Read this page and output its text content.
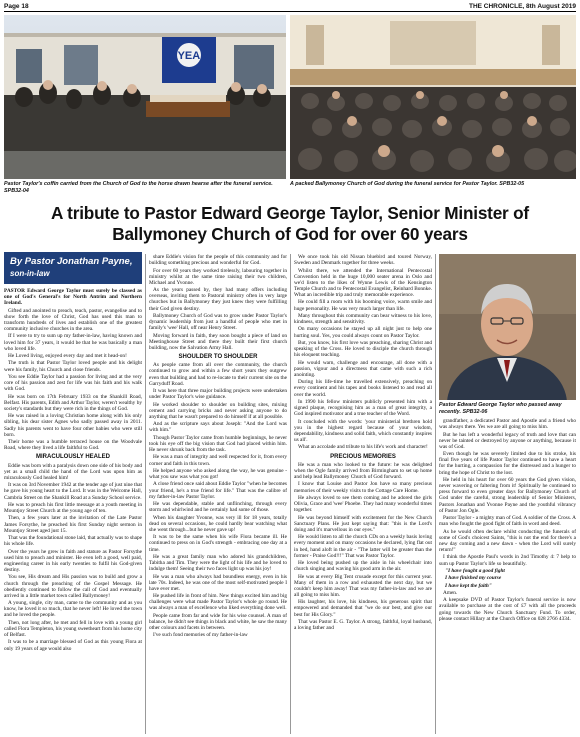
Page 18	THE CHRONICLE, 8th August 2019
70 YEARS
Pastor Taylor's coffin carried from the Church of God to the horse drawn hearse after the funeral service. SPB32-04
A packed Ballymoney Church of God during the funeral service for Pastor Taylor. SPB32-05
A tribute to Pastor Edward George Taylor, Senior Minister of Ballymoney Church of God for over 60 years
By Pastor Jonathan Payne,
son-in-law

PASTOR Edward George Taylor must surely be classed as one of God's General's for North Antrim and Northern Ireland.

Gifted and anointed to preach, teach, pastor, evangelise and to show forth the love of Christ, God has used this man to transform hundreds of lives and establish one of the greatest community inclusive churches in the area.

If I were to try to sum up my father-in-law, having known and loved him for 37 years, it would be that he was basically a man who loved life.

He Loved living, enjoyed every day and met it head-on!

The truth is that Pastor Taylor loved people and his delight were his family, his Church and close friends.

You see Eddie Taylor had a passion for living and at the very core of his passion and zest for life was his faith and his walk with God.

He was born on 17th February 1933 on the Shankill Road, Belfast. His parents, Edith and Arthur Taylor, weren't wealthy by society's standards but they were rich in the things of God.

He was raised in a loving Christian home along with his only sibling, his dear sister Agnes who sadly passed away in 2011. Sadly his parents went to have four other babies who were still born.

Their home was a humble terraced house on the Woodvale Road, where they lived a life faithful to God.

MIRACULOUSLY HEALED

Eddie was born with a paralysis down one side of his body and yet as a small child the hand of the Lord was upon him as miraculously God healed him!

It was on 3rd November 1942 at the tender age of just nine that he gave his young heart to the Lord. It was in the Welcome Hall, Cambria Street on the Shankill Road at a Sunday School service.

He was to preach his first little message at a youth meeting in Mountjoy Street Church at the young age of ten.

Then, a few years later at the invitation of the Late Pastor James Forsythe, he preached his first Sunday night sermon in Mountjoy Street aged just 15.

That was the foundational stone laid, that actually was to shape his whole life.

Over the years he grew in faith and stature as Pastor Forsythe used him to preach and minister. He even left a good, well paid, engineering career in his early twenties to fulfil his God-given destiny.

You see, His dream and His passion was to build and grow a church through the preaching of the Gospel Message. He obediently continued to follow the call of God and eventually arrived in a little market town called Ballymoney!

A young, single, city man, came to the community and as you know, he loved it so much, that he never left! He loved the town and he loved the people.

Then, not long after, he met and fell in love with a young girl called Flora Templeton, his young sweetheart from his home city of Belfast.

It was to be a marriage blessed of God as this young Flora at only 19 years of age would also

share Eddie's vision for the people of this community and for building something precious and wonderful for God.

For over 60 years they worked tirelessly, labouring together in ministry whilst at the same time raising their two children, Michael and Yvonne.

As the years passed by, they had many offers including overseas, inviting them to Pastoral ministry often in very large churches but in Ballymoney they just knew they were fulfilling their God given destiny.

Ballymoney Church of God was to grow under Pastor Taylor's dynamic leadership from just a handful of people who met in family's 'wee' Hall, off near Henry Street.

Moving forward in faith, they soon bought a piece of land on Meetinghouse Street and there they built their first church building, now the Salvation Army Hall.

SHOULDER TO SHOULDER

As people came from all over the community, the church continued to grow and within a few short years they outgrew even that building and had to re-locate to their current site on the Garryduff Road.

It was here that three major building projects were undertaken under Pastor Taylor's wise guidance.

He worked shoulder to shoulder on building sites, mixing cement and carrying bricks and never asking anyone to do anything that he wasn't prepared to do himself if at all possible.

And as the scripture says about Joseph: "And the Lord was with him."

Though Pastor Taylor came from humble beginnings, he never took his eye off the big vision that God had placed within him. He never shrunk back from the task.

He was a man of integrity and well respected for it, from every corner and faith in this town.

He helped anyone who asked along the way, he was genuine - what you saw was what you got!

A close friend once said about Eddie Taylor "when he becomes your friend, he's a true friend for life." That was the calibre of my father-in-law Pastor Taylor.

He was dependable, stable and unflinching, through every storm and whirlwind and he certainly had some of those.

When his daughter Yvonne, was very ill for 18 years, totally dead on several occasions, he could hardly bear watching what she went through...but he never gave up!

It was to be the same when his wife Flora became ill. He continued to press on in God's strength - embracing one day at a time.

He was a great family man who adored his grandchildren, Tabitha and Tim. They were the light of his life and he loved to indulge them! Seeing their two faces light up was his joy!

He was a man who always had boundless energy, even in his late 70s. Indeed, he was one of the most self-motivated people I have ever met.

He pushed life in front of him. New things excited him and big challenges were what made Pastor Taylor's whole go round. He was always a man of excellence who liked everything done well.

People came from far and wide for his wise counsel. A man of balance, he didn't see things in black and white, he saw the many other colours and facets in between.

I've such fond memories of my father-in-law

We once took his old Nissan bluebird and toured Norway, Sweden and Denmark together for three weeks.

Whilst there, we attended the International Pentecostal Convention held in the huge 10,000 seater arena in Oslo and we'd listen to the likes of Wynne Lewis of the Kensington Temple Church and to Pentecostal Evangelist, Reinhard Bonnke. What an incredible trip and truly memorable experience.

He could fill a room with his booming voice, warm smile and huge personality. He was very much larger than life.

Many throughout this community can bear witness to his love, kindness, strength and sensitivity.

On many occasions he stayed up all night just to help one hurting soul. Yes, you could always count on Pastor Taylor.

But, you know, his first love was preaching, sharing Christ and speaking of the Cross. He loved to disciple the church through his eloquent teaching.

He would warn, challenge and encourage, all done with a passion, vigour and a directness that came with such a rich anointing.

During his life-time he travelled extensively, preaching on every continent and his tapes and books listened to and read all over the world.

In 1990 his fellow ministers publicly presented him with a signed plaque, recognising him as a man of great integrity, a God inspired motivator and a true teacher of the Word.

It concluded with the words: 'your ministerial brethren hold you in the highest regard because of your wisdom, dependability, kindness and solid faith, which constantly inspires us all'.

What an accolade and tribute to his life's work and character!

PRECIOUS MEMORIES

He was a man who looked to the future: he was delighted when the Ogle family arrived from Birmingham to set up home and help lead Ballymoney Church of God forward.

I know that Louise and Pastor Jon have so many precious memories of their weekly visits to the Cottage Care Home.

He always loved to see them coming and he adored the girls Olivia, Grace and 'wee' Phoebe. They had many wonderful times together.

He was beyond himself with excitement for the New Church Sanctuary Plans. He just kept saying that: "this is the Lord's doing and it's marvellous in our eyes."

He would listen to all the church CDs on a weekly basis loving every moment and on many occasions he declared, lying flat out in bed, hand aloft in the air - "The latter will be greater than the former - Praise God!!!" That was Pastor Taylor.

He loved being pushed up the aisle in his wheelchair into church singing and waving his good arm in the air.

He was at every Big Tent crusade except for this current year. Many of them in a row and exhausted the next day, but we couldn't keep him away! That was my father-in-law and we are all going to miss him.

His laughter, his love, his kindness, his generous spirit that empowered and demanded that "we do our best, and give our best for His Glory."

That was Pastor E. G. Taylor. A strong, faithful, loyal husband, a loving father and

Pastor Edward George Taylor who passed away recently. SPB32-06

grandfather, a dedicated Pastor and Apostle and a friend who was always there. Yes we are all going to miss him.

But he has left a wonderful legacy of truth and love that can never be tainted or destroyed by anyone or anything, because it was of God.

Even though he was severely limited due to his stroke, his final five years of life Pastor Taylor continued to have a heart for the hurting, a compassion for the distressed and a hunger to bring the hope of Christ to the lost.

He held in his heart for over 60 years the God given vision, never wavering or faltering from it! Spiritually he continued to press forward to even greater days for Ballymoney Church of God under the careful, strong leadership of Senior Ministers, Pastors Jonathan and Yvonne Payne and the youthful vibrancy of Pastor Jon Ogle.

Pastor Taylor - a mighty man of God. A soldier of the Cross. A man who fought the good fight of faith in word and deed.

As he would often declare whilst conducting the funerals of some of God's choicest Saints, "this is not the end for there's a new day coming and a new dawn - when the Lord will surely return!"

I think the Apostle Paul's words in 2nd Timothy 4: 7 help to sum up Pastor Taylor's life so beautifully.

"I have fought a good fight

I have finished my course

I have kept the faith"

Amen.

A keepsake DVD of Pastor Taylor's funeral service is now available to purchase at the cost of £7 with all the proceeds going towards the New Church Sanctuary Fund. To order, please contact Hillary at the Church Office on 028 2766 4334.
